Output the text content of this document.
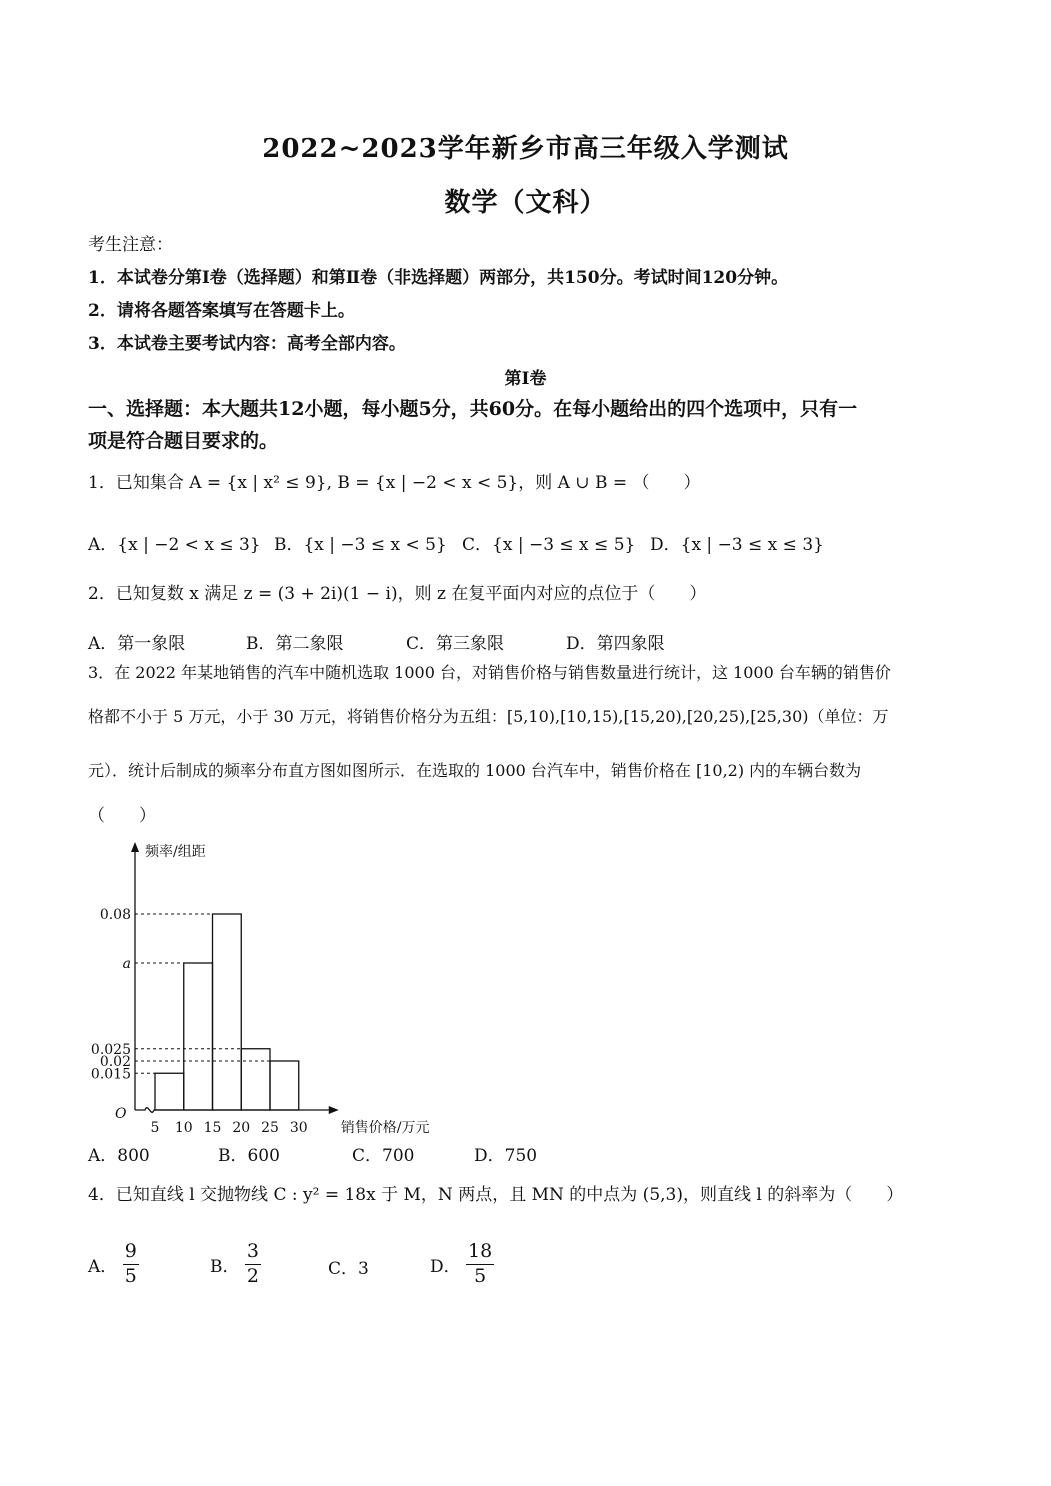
2022~2023学年新乡市高三年级入学测试
数学（文科）
考生注意：
1．本试卷分第Ⅰ卷（选择题）和第Ⅱ卷（非选择题）两部分，共150分。考试时间120分钟。
2．请将各题答案填写在答题卡上。
3．本试卷主要考试内容：高考全部内容。
第Ⅰ卷
一、选择题：本大题共12小题，每小题5分，共60分。在每小题给出的四个选项中，只有一
项是符合题目要求的。
1．已知集合 A = {x | x² ≤ 9}, B = {x | −2 < x < 5}，则 A ∪ B = （　　）
A．{x | −2 < x ≤ 3} B．{x | −3 ≤ x < 5} C．{x | −3 ≤ x ≤ 5} D．{x | −3 ≤ x ≤ 3}
2．已知复数 x 满足 z = (3 + 2i)(1 − i)，则 z 在复平面内对应的点位于（　　）
A．第一象限	B．第二象限	C．第三象限	D．第四象限
3．在 2022 年某地销售的汽车中随机选取 1000 台，对销售价格与销售数量进行统计，这 1000 台车辆的销售价
格都不小于 5 万元，小于 30 万元，将销售价格分为五组：[5,10),[10,15),[15,20),[20,25),[25,30)（单位：万
元）．统计后制成的频率分布直方图如图所示．在选取的 1000 台汽车中，销售价格在 [10,2) 内的车辆台数为
（　　）
0.015
0.02
0.025
a
0.08
5 10 15 20 25 30
O
频率/组距
销售价格/万元
A．800	B．600	C．700	D．750
4．已知直线 l 交抛物线 C : y² = 18x 于 M，N 两点，且 MN 的中点为 (5,3)，则直线 l 的斜率为（　　）
A． $\frac{9}{5}$	B． $\frac{3}{2}$	C．3	D． $\frac{18}{5}$
